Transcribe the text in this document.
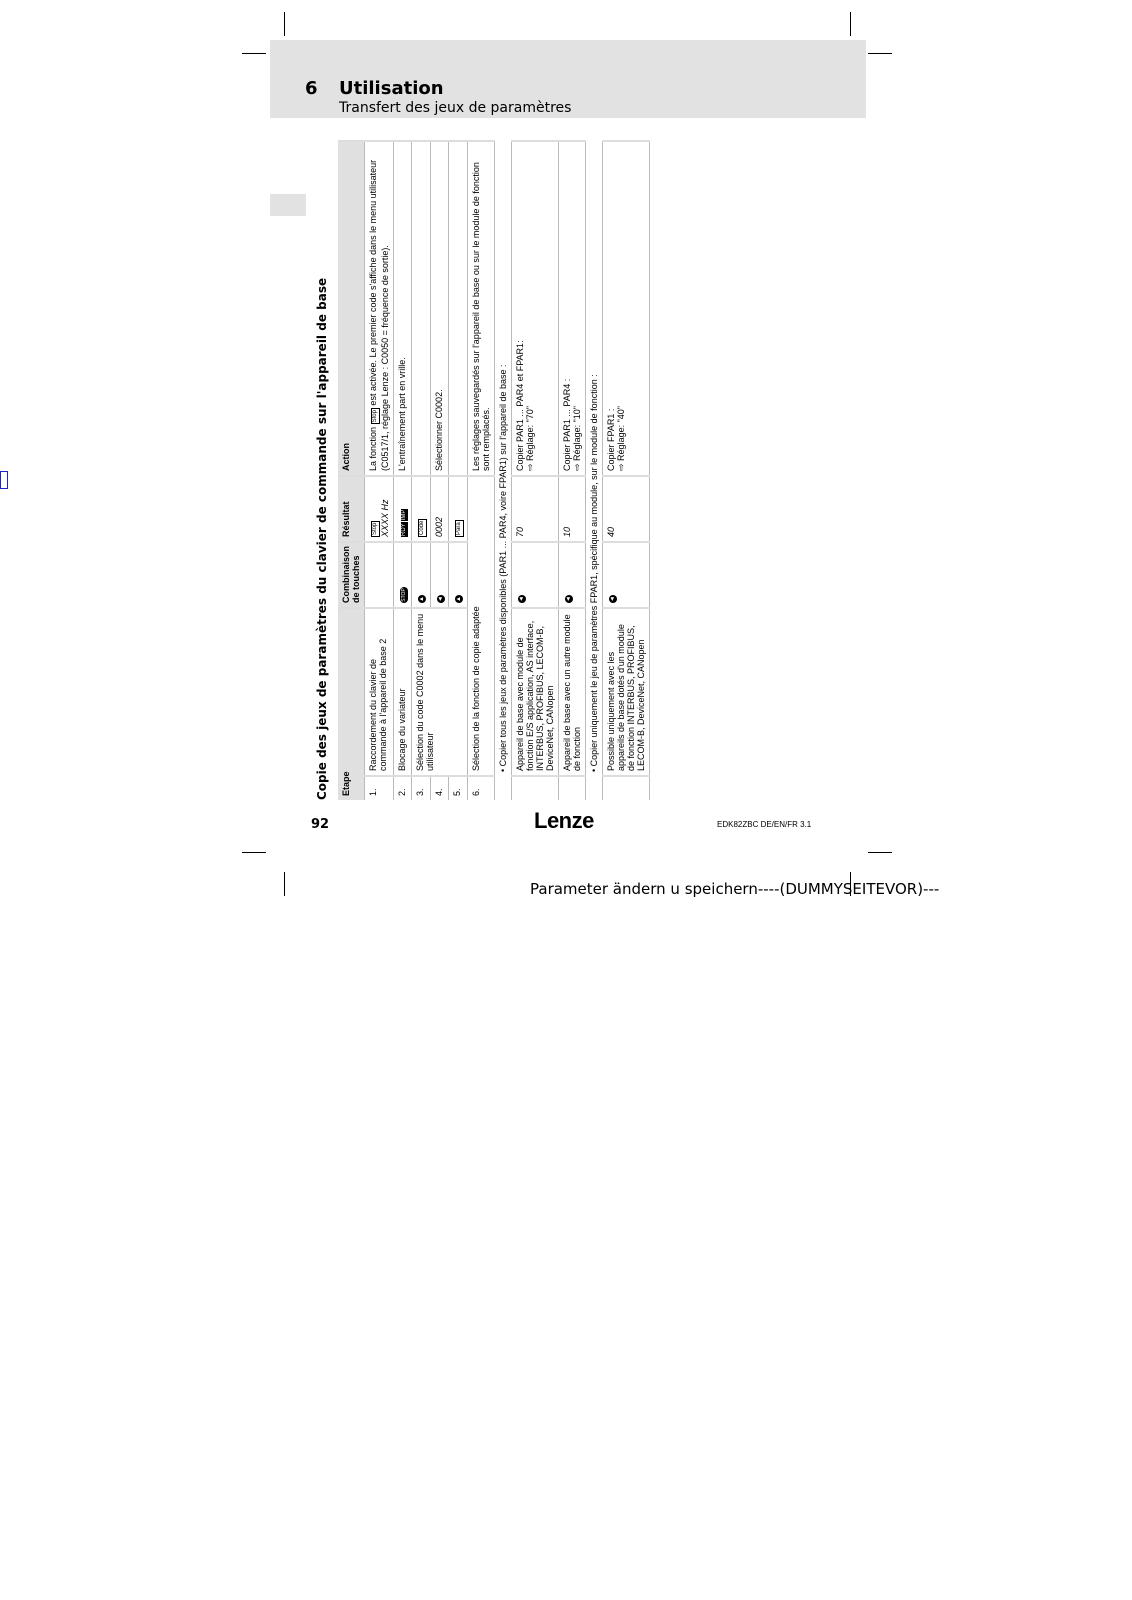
6 Utilisation
Transfert des jeux de paramètres
Copie des jeux de paramètres du clavier de commande sur l'appareil de base	Etape		Combinaison de touches	Résultat	Action
1.	Raccordement du clavier de commande à l'appareil de base 2		Stop XXXX Hz	La fonction Stop est activée. Le premier code s'affiche dans le menu utilisateur (C0517/1, réglage Lenze : C0050 = fréquence de sortie).
2.	Blocage du variateur	STOP	RDYIMP	L'entraînement part en vrille.
3.	Sélection du code C0002 dans le menu utilisateur	▲	Code	
4.		◄	0002	Sélectionner C0002.
5.		▲	Para	
6.	Sélection de la fonction de copie adaptée			Les réglages sauvegardés sur l'appareil de base ou sur le module de fonction sont remplacés.
	• Copier tous les jeux de paramètres disponibles (PAR1 ... PAR4, voire FPAR1) sur l'appareil de base :
	Appareil de base avec module de fonction E/S application, AS interface, INTERBUS, PROFIBUS, LECOM-B, DeviceNet, CANopen	◄	70	Copier PAR1 ... PAR4 et FPAR1:
⇨ Réglage: "70"
	Appareil de base avec un autre module de fonction	◄	10	Copier PAR1 ... PAR4 :
⇨ Réglage: "10"
	• Copier uniquement le jeu de paramètres FPAR1, spécifique au module, sur le module de fonction :
	Possible uniquement avec les appareils de base dotés d'un module de fonction INTERBUS, PROFIBUS, LECOM-B, DeviceNet, CANopen	◄	40	Copier FPAR1 :
⇨ Réglage: "40"
92	Lenze	EDK82ZBC DE/EN/FR 3.1
Parameter ändern u speichern----(DUMMYSEITEVOR)---
